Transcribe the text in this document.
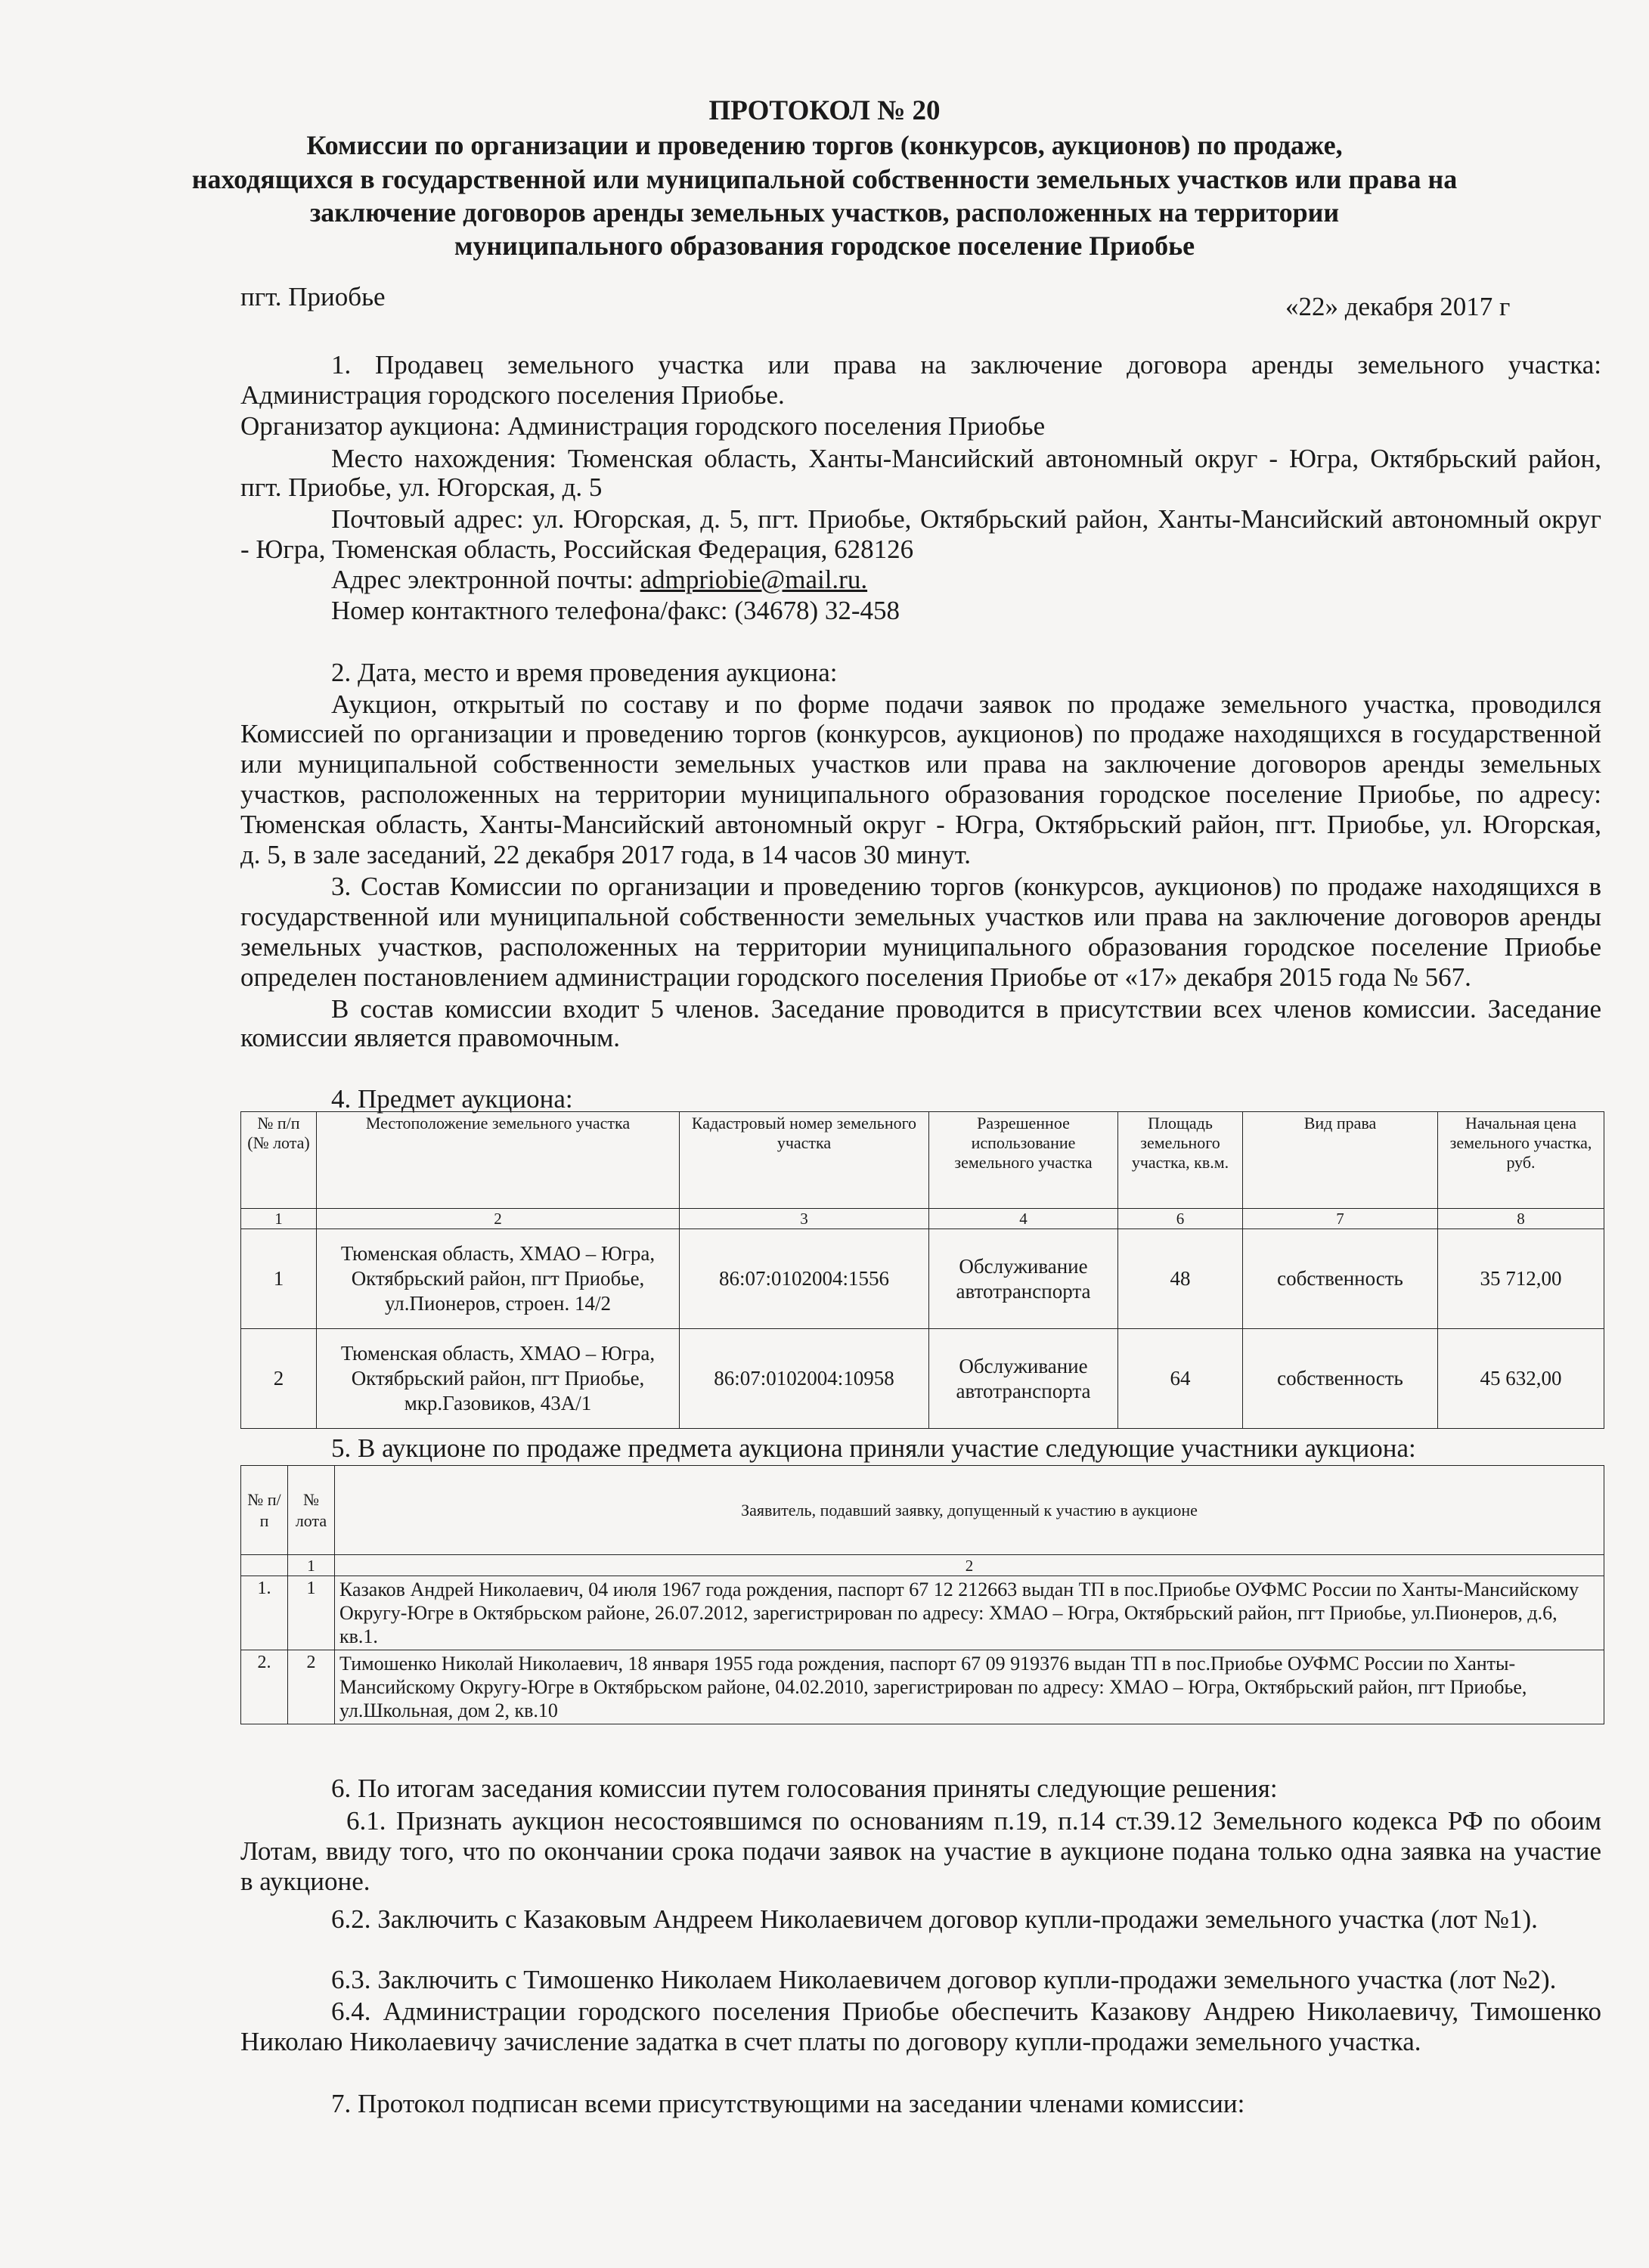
ПРОТОКОЛ № 20
Комиссии по организации и проведению торгов (конкурсов, аукционов) по продаже,
находящихся в государственной или муниципальной собственности земельных участков или права на
заключение договоров аренды земельных участков, расположенных на территории
муниципального образования городское поселение Приобье
пгт. Приобье	«22» декабря 2017 г
1. Продавец земельного участка или права на заключение договора аренды земельного участка:
Администрация городского поселения Приобье.
Организатор аукциона: Администрация городского поселения Приобье
Место нахождения: Тюменская область, Ханты-Мансийский автономный округ - Югра, Октябрьский район,
пгт. Приобье, ул. Югорская, д. 5
Почтовый адрес: ул. Югорская, д. 5, пгт. Приобье, Октябрьский район, Ханты-Мансийский автономный округ
- Югра, Тюменская область, Российская Федерация, 628126
Адрес электронной почты: admpriobie@mail.ru.
Номер контактного телефона/факс: (34678) 32-458
2. Дата, место и время проведения аукциона:
Аукцион, открытый по составу и по форме подачи заявок по продаже земельного участка, проводился
Комиссией по организации и проведению торгов (конкурсов, аукционов) по продаже находящихся в государственной
или муниципальной собственности земельных участков или права на заключение договоров аренды земельных
участков, расположенных на территории муниципального образования городское поселение Приобье, по адресу:
Тюменская область, Ханты-Мансийский автономный округ - Югра, Октябрьский район, пгт. Приобье, ул. Югорская,
д. 5, в зале заседаний, 22 декабря 2017 года, в 14 часов 30 минут.
3. Состав Комиссии по организации и проведению торгов (конкурсов, аукционов) по продаже находящихся в
государственной или муниципальной собственности земельных участков или права на заключение договоров аренды
земельных участков, расположенных на территории муниципального образования городское поселение Приобье
определен постановлением администрации городского поселения Приобье от «17» декабря 2015 года № 567.
В состав комиссии входит 5 членов. Заседание проводится в присутствии всех членов комиссии. Заседание
комиссии является правомочным.
4. Предмет аукциона:
№ п/п (№ лота)	Местоположение земельного участка	Кадастровый номер земельного участка	Разрешенное использование земельного участка	Площадь земельного участка, кв.м.	Вид права	Начальная цена земельного участка, руб.
1	2	3	4	6	7	8
1	Тюменская область, ХМАО – Югра, Октябрьский район, пгт Приобье, ул.Пионеров, строен. 14/2	86:07:0102004:1556	Обслуживание автотранспорта	48	собственность	35 712,00
2	Тюменская область, ХМАО – Югра, Октябрьский район, пгт Приобье, мкр.Газовиков, 43А/1	86:07:0102004:10958	Обслуживание автотранспорта	64	собственность	45 632,00
5. В аукционе по продаже предмета аукциона приняли участие следующие участники аукциона:
№ п/п	№ лота	Заявитель, подавший заявку, допущенный к участию в аукционе
	1	2
1.	1	Казаков Андрей Николаевич, 04 июля 1967 года рождения, паспорт 67 12 212663 выдан ТП в пос.Приобье ОУФМС России по Ханты-Мансийскому Округу-Югре в Октябрьском районе, 26.07.2012, зарегистрирован по адресу: ХМАО – Югра, Октябрьский район, пгт Приобье, ул.Пионеров, д.6, кв.1.
2.	2	Тимошенко Николай Николаевич, 18 января 1955 года рождения, паспорт 67 09 919376 выдан ТП в пос.Приобье ОУФМС России по Ханты-Мансийскому Округу-Югре в Октябрьском районе, 04.02.2010, зарегистрирован по адресу: ХМАО – Югра, Октябрьский район, пгт Приобье, ул.Школьная, дом 2, кв.10
6. По итогам заседания комиссии путем голосования приняты следующие решения:
6.1. Признать аукцион несостоявшимся по основаниям п.19, п.14 ст.39.12 Земельного кодекса РФ по обоим
Лотам, ввиду того, что по окончании срока подачи заявок на участие в аукционе подана только одна заявка на участие
в аукционе.
6.2. Заключить с Казаковым Андреем Николаевичем договор купли-продажи земельного участка (лот №1).
6.3. Заключить с Тимошенко Николаем Николаевичем договор купли-продажи земельного участка (лот №2).
6.4. Администрации городского поселения Приобье обеспечить Казакову Андрею Николаевичу, Тимошенко
Николаю Николаевичу зачисление задатка в счет платы по договору купли-продажи земельного участка.
7. Протокол подписан всеми присутствующими на заседании членами комиссии:
